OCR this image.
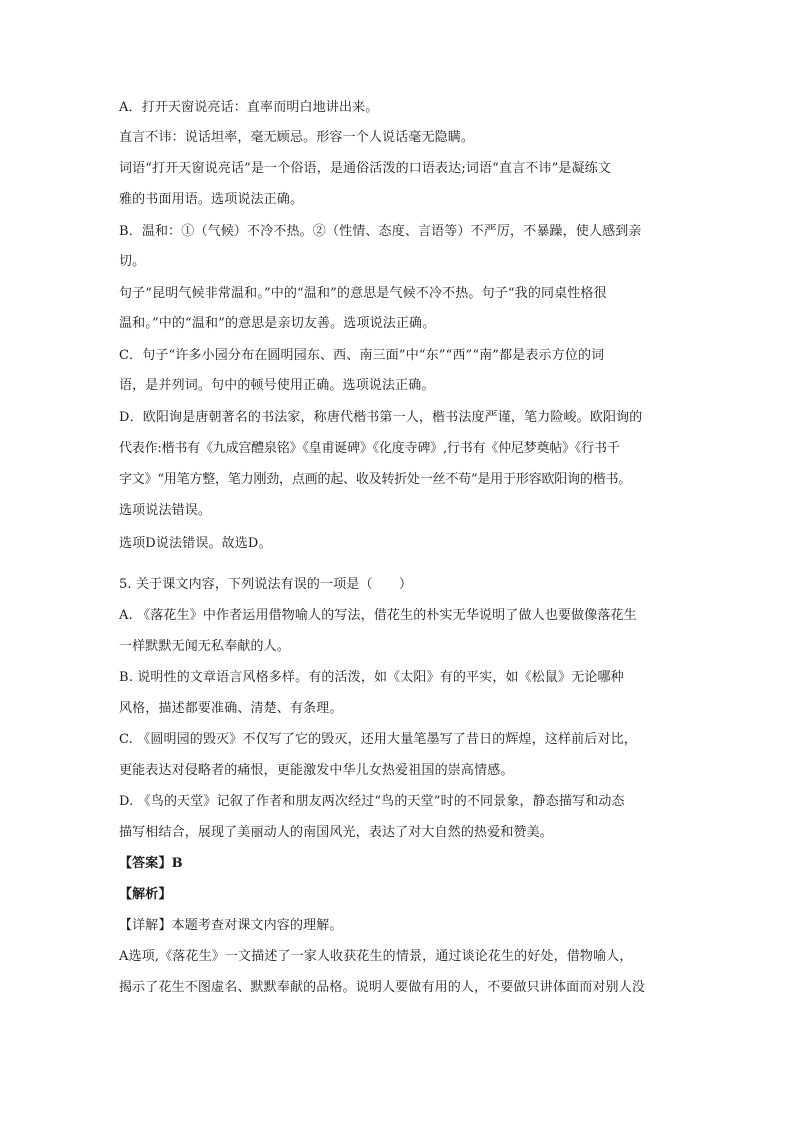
A．打开天窗说亮话：直率而明白地讲出来。
直言不讳：说话坦率，毫无顾忌。形容一个人说话毫无隐瞒。
词语“打开天窗说亮话”是一个俗语，是通俗活泼的口语表达;词语“直言不讳”是凝练文
雅的书面用语。选项说法正确。
B．温和：①（气候）不冷不热。②（性情、态度、言语等）不严厉，不暴躁，使人感到亲
切。
句子“昆明气候非常温和。”中的“温和”的意思是气候不冷不热。句子“我的同桌性格很
温和。”中的“温和”的意思是亲切友善。选项说法正确。
C．句子“许多小园分布在圆明园东、西、南三面”中“东”“西”“南”都是表示方位的词
语，是并列词。句中的顿号使用正确。选项说法正确。
D．欧阳询是唐朝著名的书法家，称唐代楷书第一人，楷书法度严谨，笔力险峻。欧阳询的
代表作:楷书有《九成宫醴泉铭》《皇甫诞碑》《化度寺碑》,行书有《仲尼梦奠帖》《行书千
字文》“用笔方整，笔力刚劲，点画的起、收及转折处一丝不苟”是用于形容欧阳询的楷书。
选项说法错误。
选项D说法错误。故选D。
5. 关于课文内容，下列说法有误的一项是（　　）
A. 《落花生》中作者运用借物喻人的写法，借花生的朴实无华说明了做人也要做像落花生
一样默默无闻无私奉献的人。
B. 说明性的文章语言风格多样。有的活泼，如《太阳》有的平实，如《松鼠》无论哪种
风格，描述都要准确、清楚、有条理。
C. 《圆明园的毁灭》不仅写了它的毁灭，还用大量笔墨写了昔日的辉煌，这样前后对比，
更能表达对侵略者的痛恨，更能激发中华儿女热爱祖国的崇高情感。
D. 《鸟的天堂》记叙了作者和朋友两次经过“鸟的天堂”时的不同景象，静态描写和动态
描写相结合，展现了美丽动人的南国风光，表达了对大自然的热爱和赞美。
【答案】B
【解析】
【详解】本题考查对课文内容的理解。
A选项,《落花生》一文描述了一家人收获花生的情景，通过谈论花生的好处，借物喻人，
揭示了花生不图虚名、默默奉献的品格。说明人要做有用的人，不要做只讲体面而对别人没
